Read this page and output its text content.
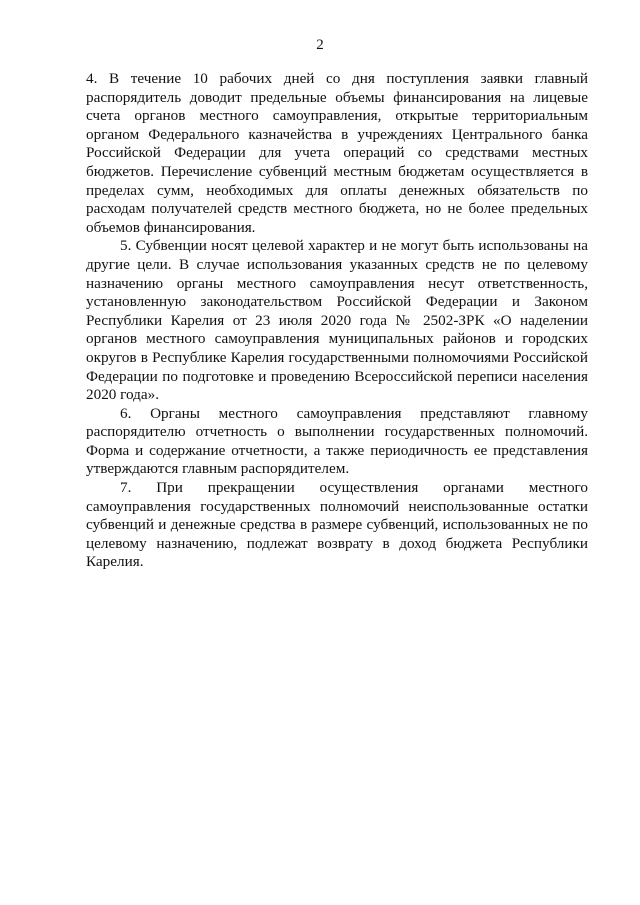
2

4. В течение 10 рабочих дней со дня поступления заявки главный распорядитель доводит предельные объемы финансирования на лицевые счета органов местного самоуправления, открытые территориальным органом Федерального казначейства в учреждениях Центрального банка Российской Федерации для учета операций со средствами местных бюджетов. Перечисление субвенций местным бюджетам осуществляется в пределах сумм, необходимых для оплаты денежных обязательств по расходам получателей средств местного бюджета, но не более предельных объемов финансирования.

5. Субвенции носят целевой характер и не могут быть использованы на другие цели. В случае использования указанных средств не по целевому назначению органы местного самоуправления несут ответственность, установленную законодательством Российской Федерации и Законом Республики Карелия от 23 июля 2020 года № 2502-ЗРК «О наделении органов местного самоуправления муниципальных районов и городских округов в Республике Карелия государственными полномочиями Российской Федерации по подготовке и проведению Всероссийской переписи населения 2020 года».

6. Органы местного самоуправления представляют главному распорядителю отчетность о выполнении государственных полномочий. Форма и содержание отчетности, а также периодичность ее представления утверждаются главным распорядителем.

7. При прекращении осуществления органами местного самоуправления государственных полномочий неиспользованные остатки субвенций и денежные средства в размере субвенций, использованных не по целевому назначению, подлежат возврату в доход бюджета Республики Карелия.
